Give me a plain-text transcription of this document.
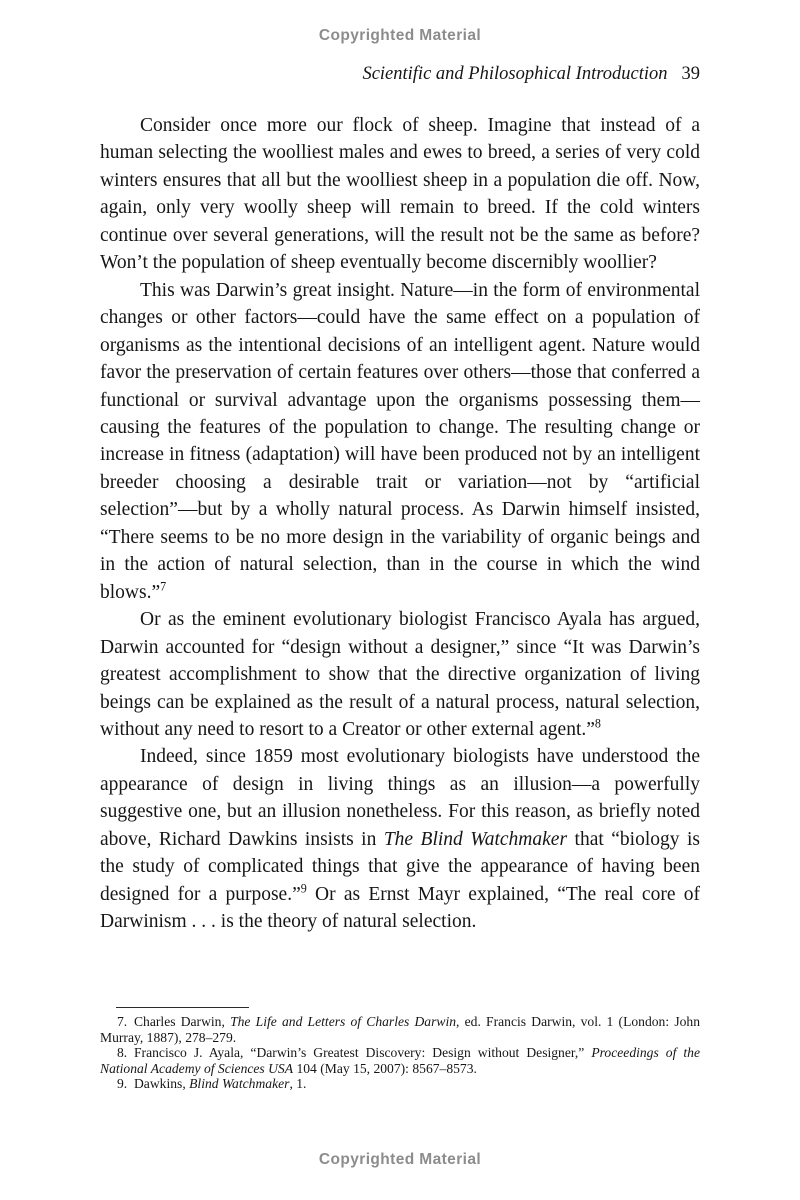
Copyrighted Material
Scientific and Philosophical Introduction 39

Consider once more our flock of sheep. Imagine that instead of a human selecting the woolliest males and ewes to breed, a series of very cold winters ensures that all but the woolliest sheep in a population die off. Now, again, only very woolly sheep will remain to breed. If the cold winters continue over several generations, will the result not be the same as before? Won’t the population of sheep eventually become discernibly woollier?

This was Darwin’s great insight. Nature—in the form of environmental changes or other factors—could have the same effect on a population of organisms as the intentional decisions of an intelligent agent. Nature would favor the preservation of certain features over others—those that conferred a functional or survival advantage upon the organisms possessing them—causing the features of the population to change. The resulting change or increase in fitness (adaptation) will have been produced not by an intelligent breeder choosing a desirable trait or variation—not by “artificial selection”—but by a wholly natural process. As Darwin himself insisted, “There seems to be no more design in the variability of organic beings and in the action of natural selection, than in the course in which the wind blows.”$^7$

Or as the eminent evolutionary biologist Francisco Ayala has argued, Darwin accounted for “design without a designer,” since “It was Darwin’s greatest accomplishment to show that the directive organization of living beings can be explained as the result of a natural process, natural selection, without any need to resort to a Creator or other external agent.”$^8$

Indeed, since 1859 most evolutionary biologists have understood the appearance of design in living things as an illusion—a powerfully suggestive one, but an illusion nonetheless. For this reason, as briefly noted above, Richard Dawkins insists in The Blind Watchmaker that “biology is the study of complicated things that give the appearance of having been designed for a purpose.”$^9$ Or as Ernst Mayr explained, “The real core of Darwinism . . . is the theory of natural selection.

7. Charles Darwin, The Life and Letters of Charles Darwin, ed. Francis Darwin, vol. 1 (London: John Murray, 1887), 278–279.

8. Francisco J. Ayala, “Darwin’s Greatest Discovery: Design without Designer,” Proceedings of the National Academy of Sciences USA 104 (May 15, 2007): 8567–8573.

9. Dawkins, Blind Watchmaker, 1.

Copyrighted Material
